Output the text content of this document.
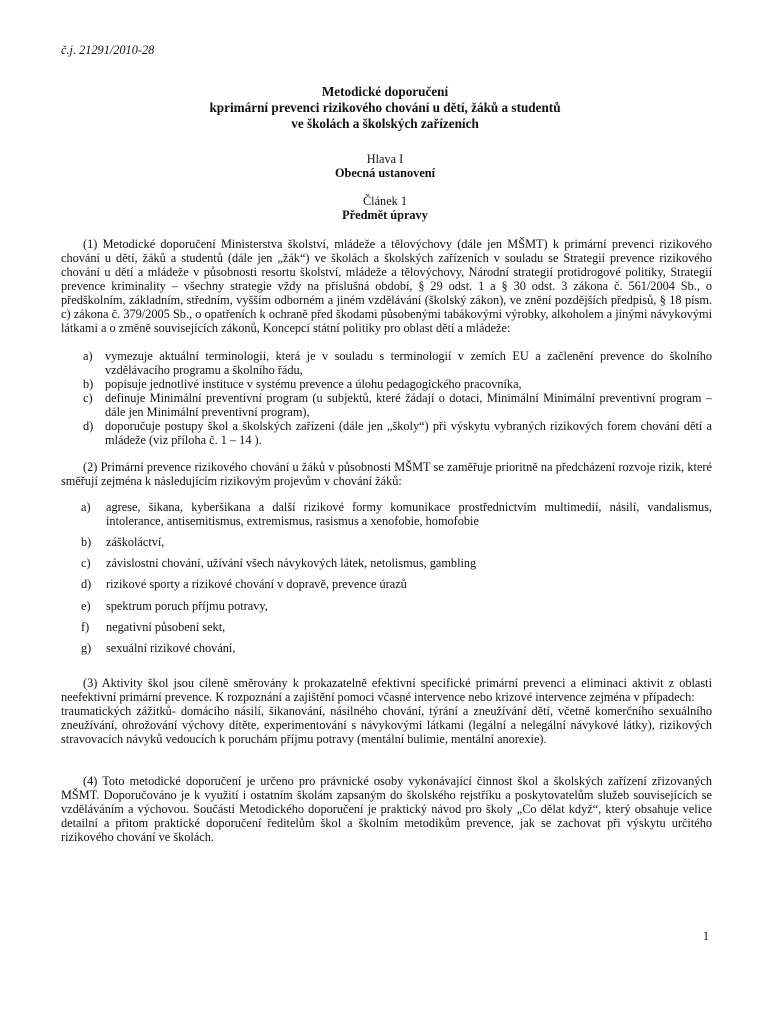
č.j. 21291/2010-28
Metodické doporučení
kprimární prevenci rizikového chování u dětí, žáků a studentů
ve školách a školských zařízeních
Hlava I
Obecná ustanovení
Článek 1
Předmět úpravy

(1) Metodické doporučení Ministerstva školství, mládeže a tělovýchovy (dále jen MŠMT) k primární prevenci rizikového chování u dětí, žáků a studentů (dále jen „žák“) ve školách a školských zařízeních v souladu se Strategií prevence rizikového chování u dětí a mládeže v působnosti resortu školství, mládeže a tělovýchovy, Národní strategií protidrogové politiky, Strategií prevence kriminality – všechny strategie vždy na příslušná období, § 29 odst. 1 a § 30 odst. 3 zákona č. 561/2004 Sb., o předškolním, základním, středním, vyšším odborném a jiném vzdělávání (školský zákon), ve znění pozdějších předpisů, § 18 písm. c) zákona č. 379/2005 Sb., o opatřeních k ochraně před škodami působenými tabákovými výrobky, alkoholem a jinými návykovými látkami a o změně souvisejících zákonů, Koncepcí státní politiky pro oblast dětí a mládeže:

a)	vymezuje aktuální terminologii, která je v souladu s terminologií v zemích EU a začlenění prevence do školního vzdělávacího programu a školního řádu,
b) popisuje jednotlivé instituce v systému prevence a úlohu pedagogického pracovníka,
c)	definuje Minimální preventivní program (u subjektů, které žádají o dotaci, Minimální Minimální preventivní program – dále jen Minimální preventivní program),
d) doporučuje postupy škol a školských zařízení (dále jen „školy“) při výskytu vybraných rizikových forem chování dětí a mládeže (viz příloha č. 1 – 14 ).

(2) Primární prevence rizikového chování u žáků v působnosti MŠMT se zaměřuje prioritně na předcházení rozvoje rizik, které směřují zejména k následujícím rizikovým projevům v chování žáků:

a)	agrese, šikana, kyberšikana a další rizikové formy komunikace prostřednictvím multimedií, násilí, vandalismus, intolerance, antisemitismus, extremismus, rasismus a xenofobie, homofobie
b)	záškoláctví,
c)	závislostní chování, užívání všech návykových látek, netolismus, gambling
d)	rizikové sporty a rizikové chování v dopravě, prevence úrazů
e)	spektrum poruch příjmu potravy,
f)	negativní působení sekt,
g)	sexuální rizikové chování,

(3) Aktivity škol jsou cíleně směrovány k prokazatelně efektivní specifické primární prevenci a eliminaci aktivit z oblasti neefektivní primární prevence. K rozpoznání a zajištění pomoci včasné intervence nebo krizové intervence zejména v případech:

traumatických zážitků- domácího násilí, šikanování, násilného chování, týrání a zneužívání dětí, včetně komerčního sexuálního zneužívání, ohrožování výchovy dítěte, experimentování s návykovými látkami (legální a nelegální návykové látky), rizikových stravovacích návyků vedoucích k poruchám příjmu potravy (mentální bulimie, mentální anorexie).

(4) Toto metodické doporučení je určeno pro právnické osoby vykonávající činnost škol a školských zařízení zřizovaných MŠMT. Doporučováno je k využití i ostatním školám zapsaným do školského rejstříku a poskytovatelům služeb souvisejících se vzděláváním a výchovou. Součástí Metodického doporučení je praktický návod pro školy „Co dělat když“, který obsahuje velice detailní a přitom praktické doporučení ředitelům škol a školním metodikům prevence, jak se zachovat při výskytu určitého rizikového chování ve školách.

1
